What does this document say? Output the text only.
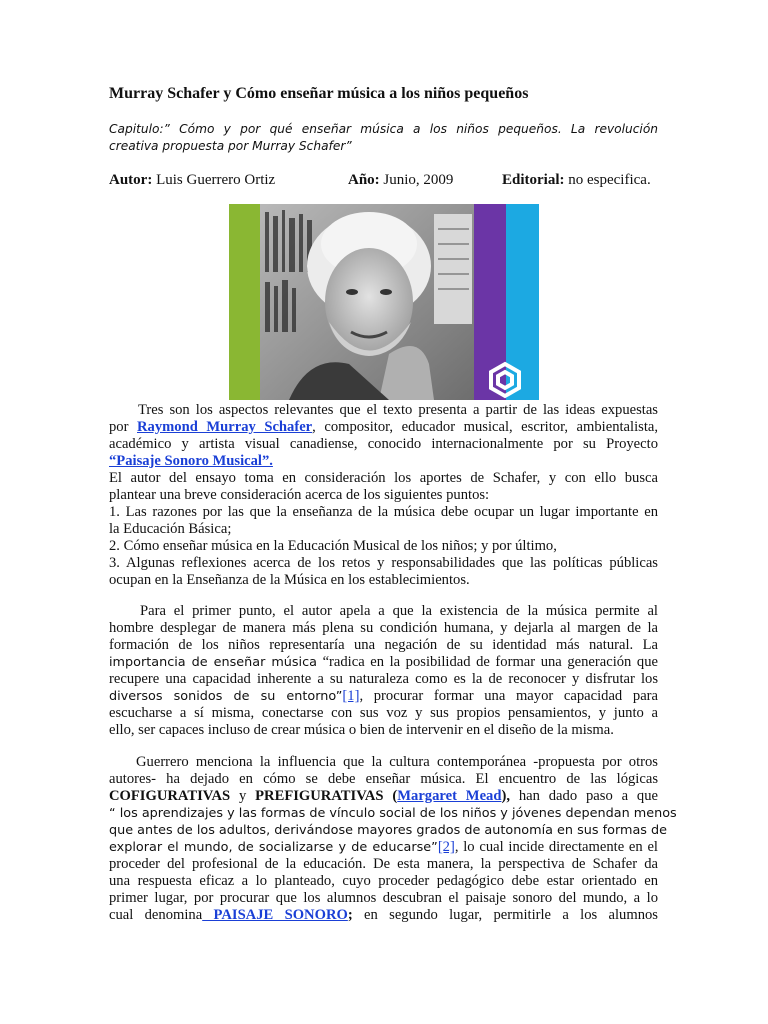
Murray Schafer y Cómo enseñar música a los niños pequeños

Capitulo:” Cómo y por qué enseñar música a los niños pequeños. La revolución
creativa propuesta por Murray Schafer”

Autor: Luis Guerrero Ortiz	Año: Junio, 2009	Editorial: no especifica.
Tres son los aspectos relevantes que el texto presenta a partir de las ideas expuestas
por Raymond Murray Schafer, compositor, educador musical, escritor, ambientalista,
académico y artista visual canadiense, conocido internacionalmente por su Proyecto
“Paisaje Sonoro Musical”.
El autor del ensayo toma en consideración los aportes de Schafer, y con ello busca
plantear una breve consideración acerca de los siguientes puntos:
1. Las razones por las que la enseñanza de la música debe ocupar un lugar importante en
la Educación Básica;
2. Cómo enseñar música en la Educación Musical de los niños; y por último,
3. Algunas reflexiones acerca de los retos y responsabilidades que las políticas públicas
ocupan en la Enseñanza de la Música en los establecimientos.
Para el primer punto, el autor apela a que la existencia de la música permite al
hombre desplegar de manera más plena su condición humana, y dejarla al margen de la
formación de los niños representaría una negación de su identidad más natural. La
importancia de enseñar música “radica en la posibilidad de formar una generación que
recupere una capacidad inherente a su naturaleza como es la de reconocer y disfrutar los
diversos sonidos de su entorno”[1], procurar formar una mayor capacidad para
escucharse a sí misma, conectarse con sus voz y sus propios pensamientos, y junto a
ello, ser capaces incluso de crear música o bien de intervenir en el diseño de la misma.
Guerrero menciona la influencia que la cultura contemporánea -propuesta por otros
autores- ha dejado en cómo se debe enseñar música. El encuentro de las lógicas
COFIGURATIVAS y PREFIGURATIVAS (Margaret Mead), han dado paso a que
“ los aprendizajes y las formas de vínculo social de los niños y jóvenes dependan menos
que antes de los adultos, derivándose mayores grados de autonomía en sus formas de
explorar el mundo, de socializarse y de educarse”[2], lo cual incide directamente en el
proceder del profesional de la educación. De esta manera, la perspectiva de Schafer da
una respuesta eficaz a lo planteado, cuyo proceder pedagógico debe estar orientado en
primer lugar, por procurar que los alumnos descubran el paisaje sonoro del mundo, a lo
cual denomina PAISAJE SONORO; en segundo lugar, permitirle a los alumnos
